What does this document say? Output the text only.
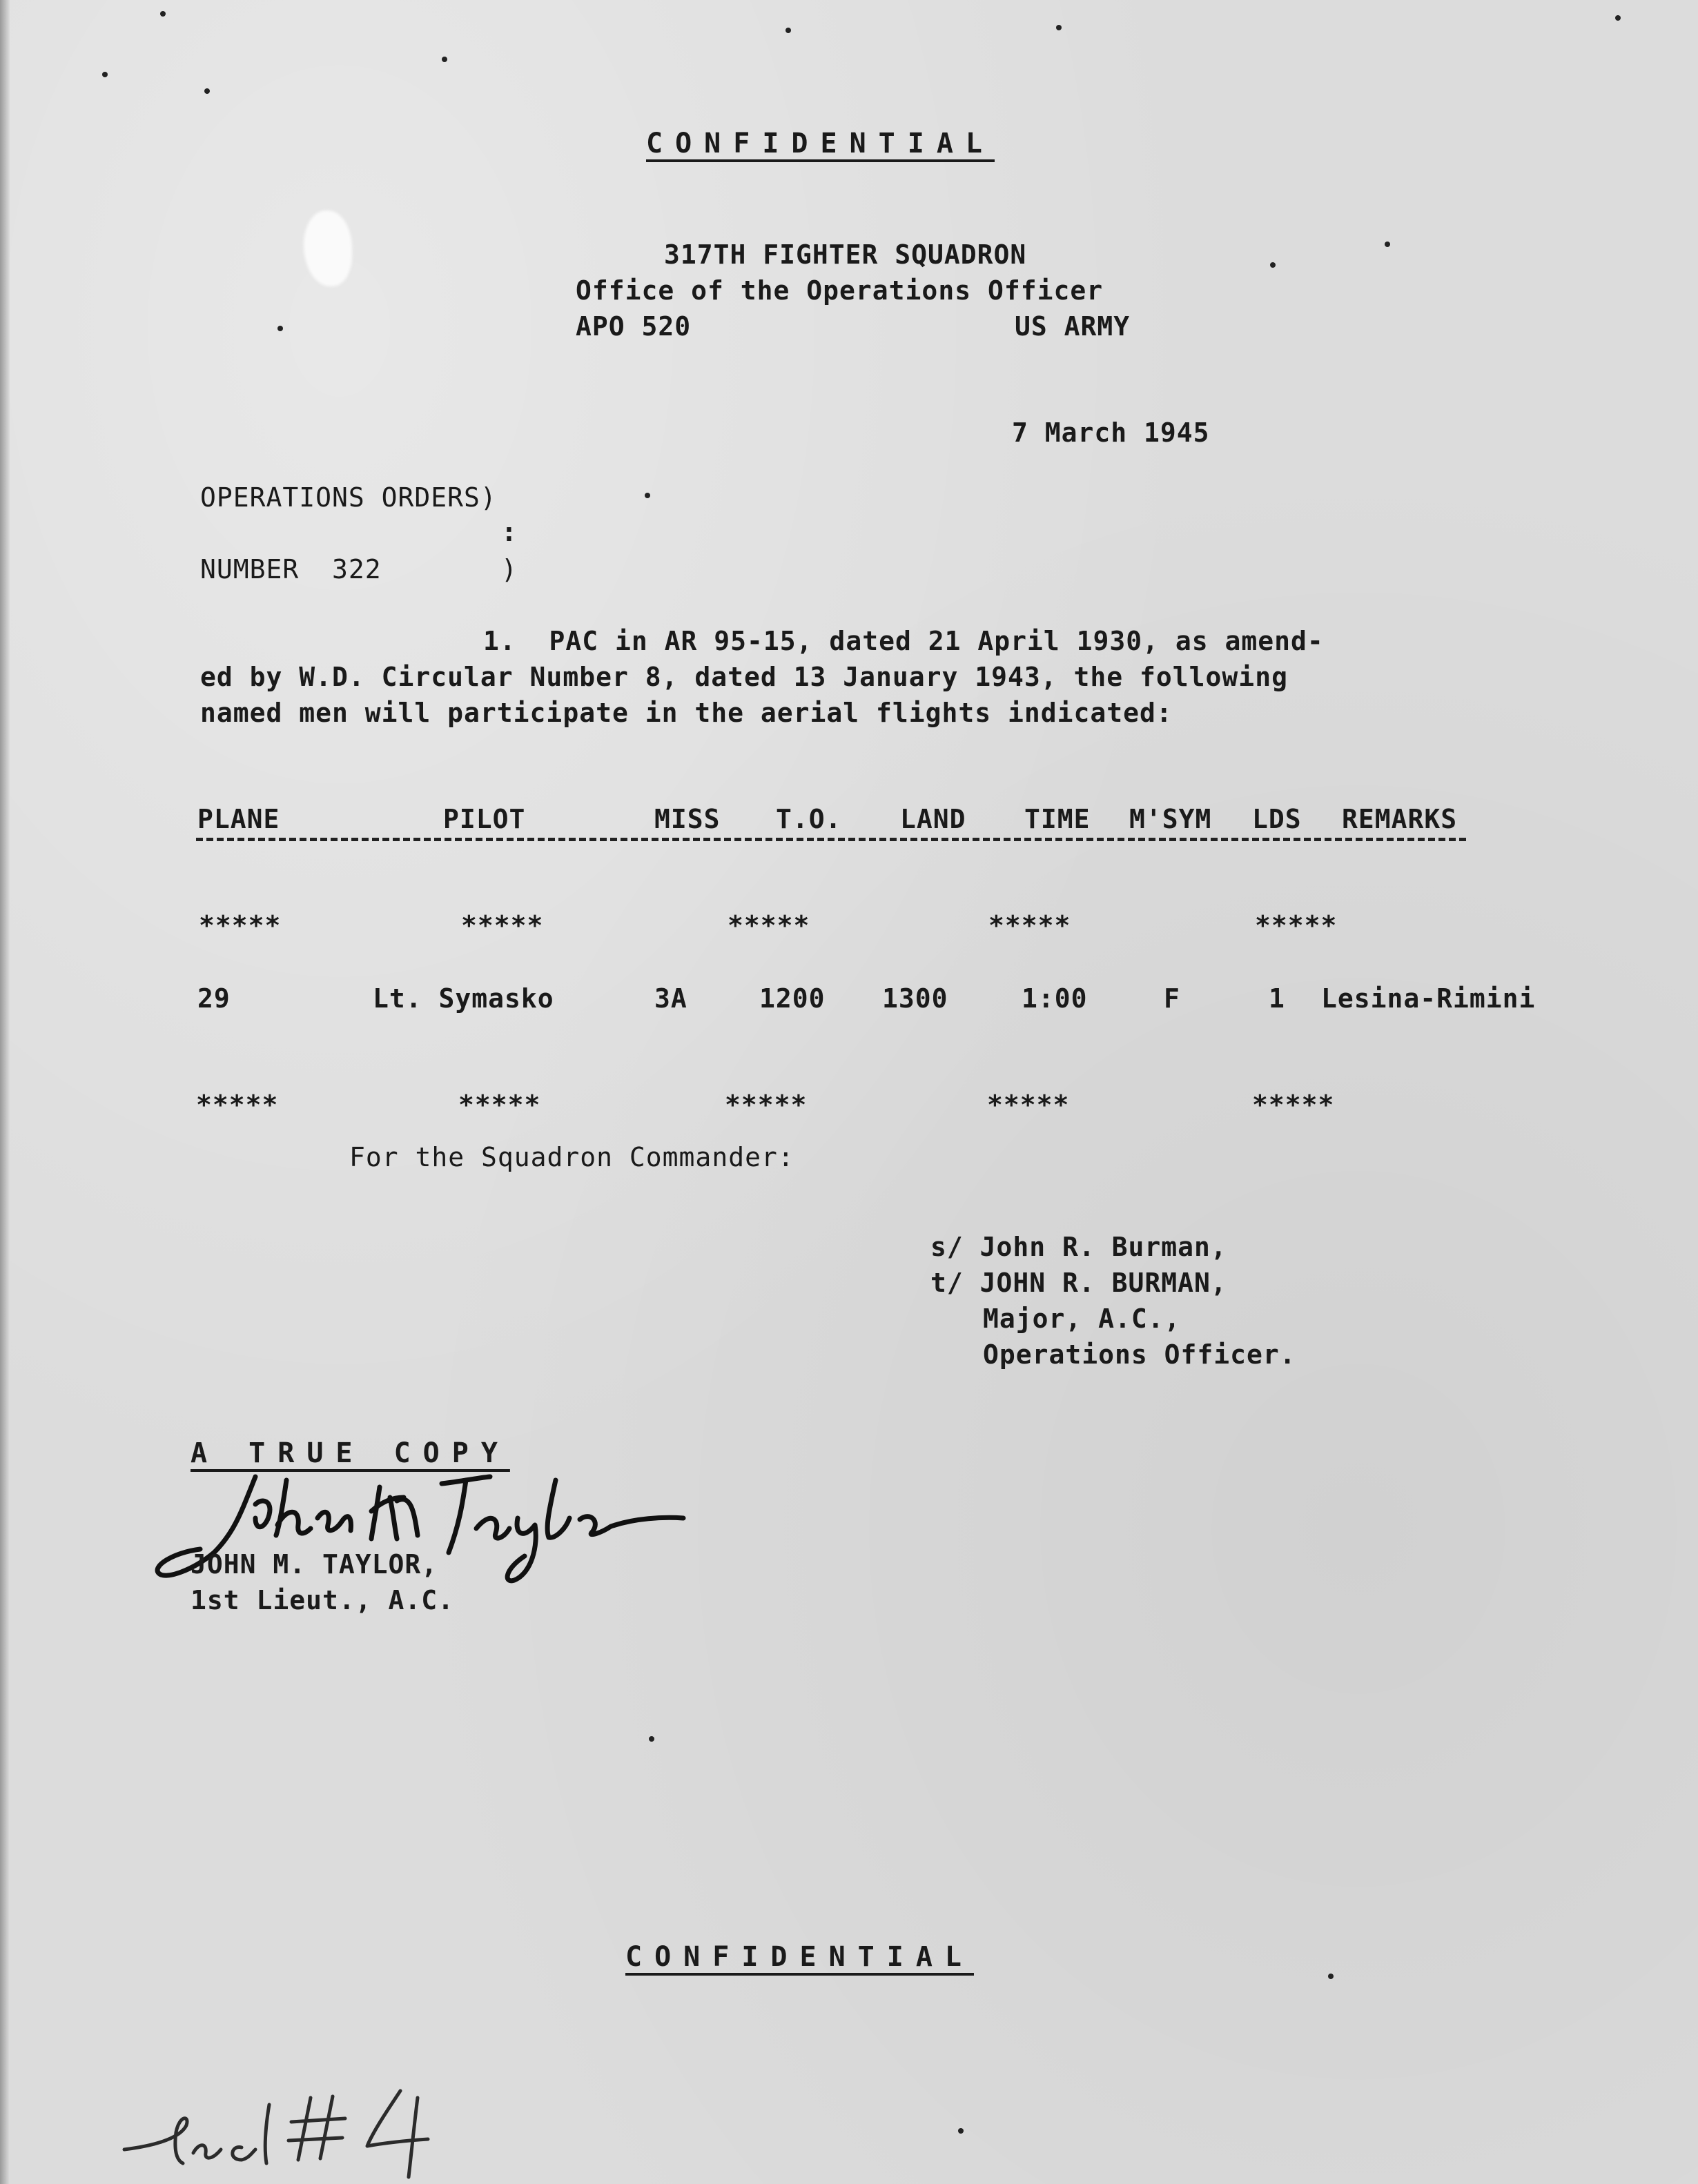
CONFIDENTIAL
317TH FIGHTER SQUADRON
Office of the Operations Officer
APO 520	US ARMY
7 March 1945
OPERATIONS ORDERS)
:
NUMBER  322	)
1.  PAC in AR 95-15, dated 21 April 1930, as amend-
ed by W.D. Circular Number 8, dated 13 January 1943, the following
named men will participate in the aerial flights indicated:
PLANE	PILOT	MISS T.O. LAND TIME M'SYM LDS REMARKS
*****	*****	*****	*****	*****
29	Lt. Symasko	3A	1200 1300	1:00	F	1 Lesina-Rimini
*****	*****	*****	*****	*****
For the Squadron Commander:
s/ John R. Burman,
t/ JOHN R. BURMAN,
Major, A.C.,
Operations Officer.
A TRUE COPY
JOHN M. TAYLOR,
1st Lieut., A.C.
CONFIDENTIAL
